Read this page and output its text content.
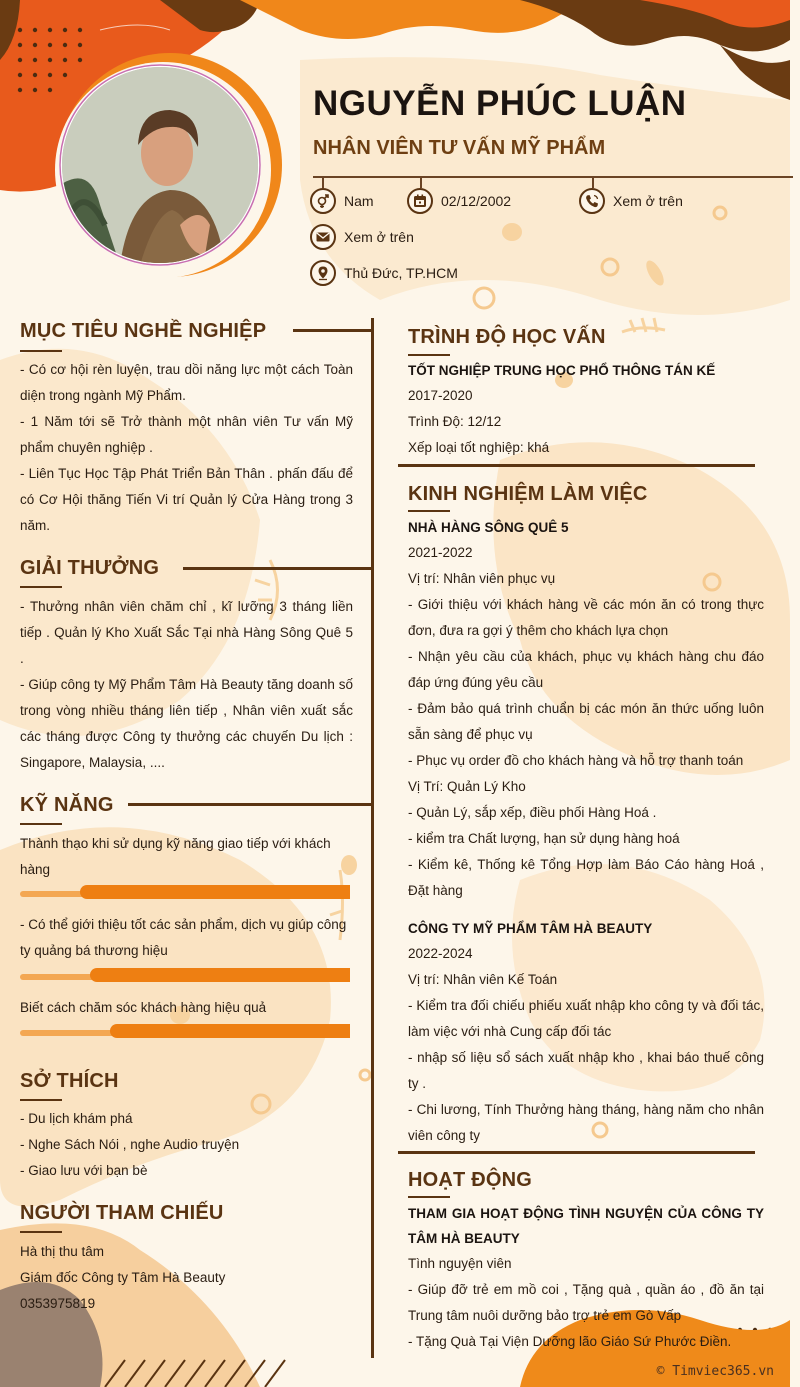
NGUYỄN PHÚC LUẬN
NHÂN VIÊN TƯ VẤN MỸ PHẨM
Nam	02/12/2002	Xem ở trên
Xem ở trên
Thủ Đức, TP.HCM
MỤC TIÊU NGHỀ NGHIỆP

- Có cơ hội rèn luyện, trau dồi năng lực một cách Toàn diện trong ngành Mỹ Phẩm.

- 1 Năm tới sẽ Trở thành một nhân viên Tư vấn Mỹ phẩm chuyên nghiệp .

- Liên Tục Học Tập Phát Triển Bản Thân . phấn đấu để có Cơ Hội thăng Tiến Vi trí Quản lý Cửa Hàng trong 3 năm.

GIẢI THƯỞNG

- Thưởng nhân viên chăm chỉ , kĩ lưỡng 3 tháng liền tiếp . Quản lý Kho Xuất Sắc Tại nhà Hàng Sông Quê 5 .

- Giúp công ty Mỹ Phẩm Tâm Hà Beauty tăng doanh số trong vòng nhiều tháng liên tiếp , Nhân viên xuất sắc các tháng được Công ty thưởng các chuyến Du lịch : Singapore, Malaysia, ....

KỸ NĂNG
Thành thạo khi sử dụng kỹ năng giao tiếp với khách hàng
- Có thể giới thiệu tốt các sản phẩm, dịch vụ giúp công ty quảng bá thương hiệu
Biết cách chăm sóc khách hàng hiệu quả
SỞ THÍCH
- Du lịch khám phá
- Nghe Sách Nói , nghe Audio truyện
- Giao lưu với bạn bè
NGƯỜI THAM CHIẾU
Hà thị thu tâm
Giám đốc Công ty Tâm Hà Beauty
0353975819
TRÌNH ĐỘ HỌC VẤN
TỐT NGHIỆP TRUNG HỌC PHỔ THÔNG TÁN KẾ
2017-2020
Trình Độ: 12/12
Xếp loại tốt nghiệp: khá
KINH NGHIỆM LÀM VIỆC
NHÀ HÀNG SÔNG QUÊ 5

2021-2022

Vị trí: Nhân viên phục vụ

- Giới thiệu với khách hàng về các món ăn có trong thực đơn, đưa ra gợi ý thêm cho khách lựa chọn

- Nhận yêu cầu của khách, phục vụ khách hàng chu đáo đáp ứng đúng yêu cầu

- Đảm bảo quá trình chuẩn bị các món ăn thức uống luôn sẵn sàng để phục vụ

- Phục vụ order đồ cho khách hàng và hỗ trợ thanh toán

Vị Trí: Quản Lý Kho

- Quản Lý, sắp xếp, điều phối Hàng Hoá .

- kiểm tra Chất lượng, hạn sử dụng hàng hoá

- Kiểm kê, Thống kê Tổng Hợp làm Báo Cáo hàng Hoá , Đặt hàng

CÔNG TY MỸ PHẨM TÂM HÀ BEAUTY

2022-2024

Vị trí: Nhân viên Kế Toán

- Kiểm tra đối chiếu phiếu xuất nhập kho công ty và đối tác, làm việc với nhà Cung cấp đối tác

- nhập số liệu sổ sách xuất nhập kho , khai báo thuế công ty .

- Chi lương, Tính Thưởng hàng tháng, hàng năm cho nhân viên công ty

HOẠT ĐỘNG
THAM GIA HOẠT ĐỘNG TÌNH NGUYỆN CỦA CÔNG TY TÂM HÀ BEAUTY

Tình nguyện viên

- Giúp đỡ trẻ em mồ coi , Tặng quà , quần áo , đồ ăn tại Trung tâm nuôi dưỡng bảo trợ trẻ em Gò Vấp

- Tặng Quà Tại Viện Dưỡng lão Giáo Sứ Phước Điền.

© Timviec365.vn
